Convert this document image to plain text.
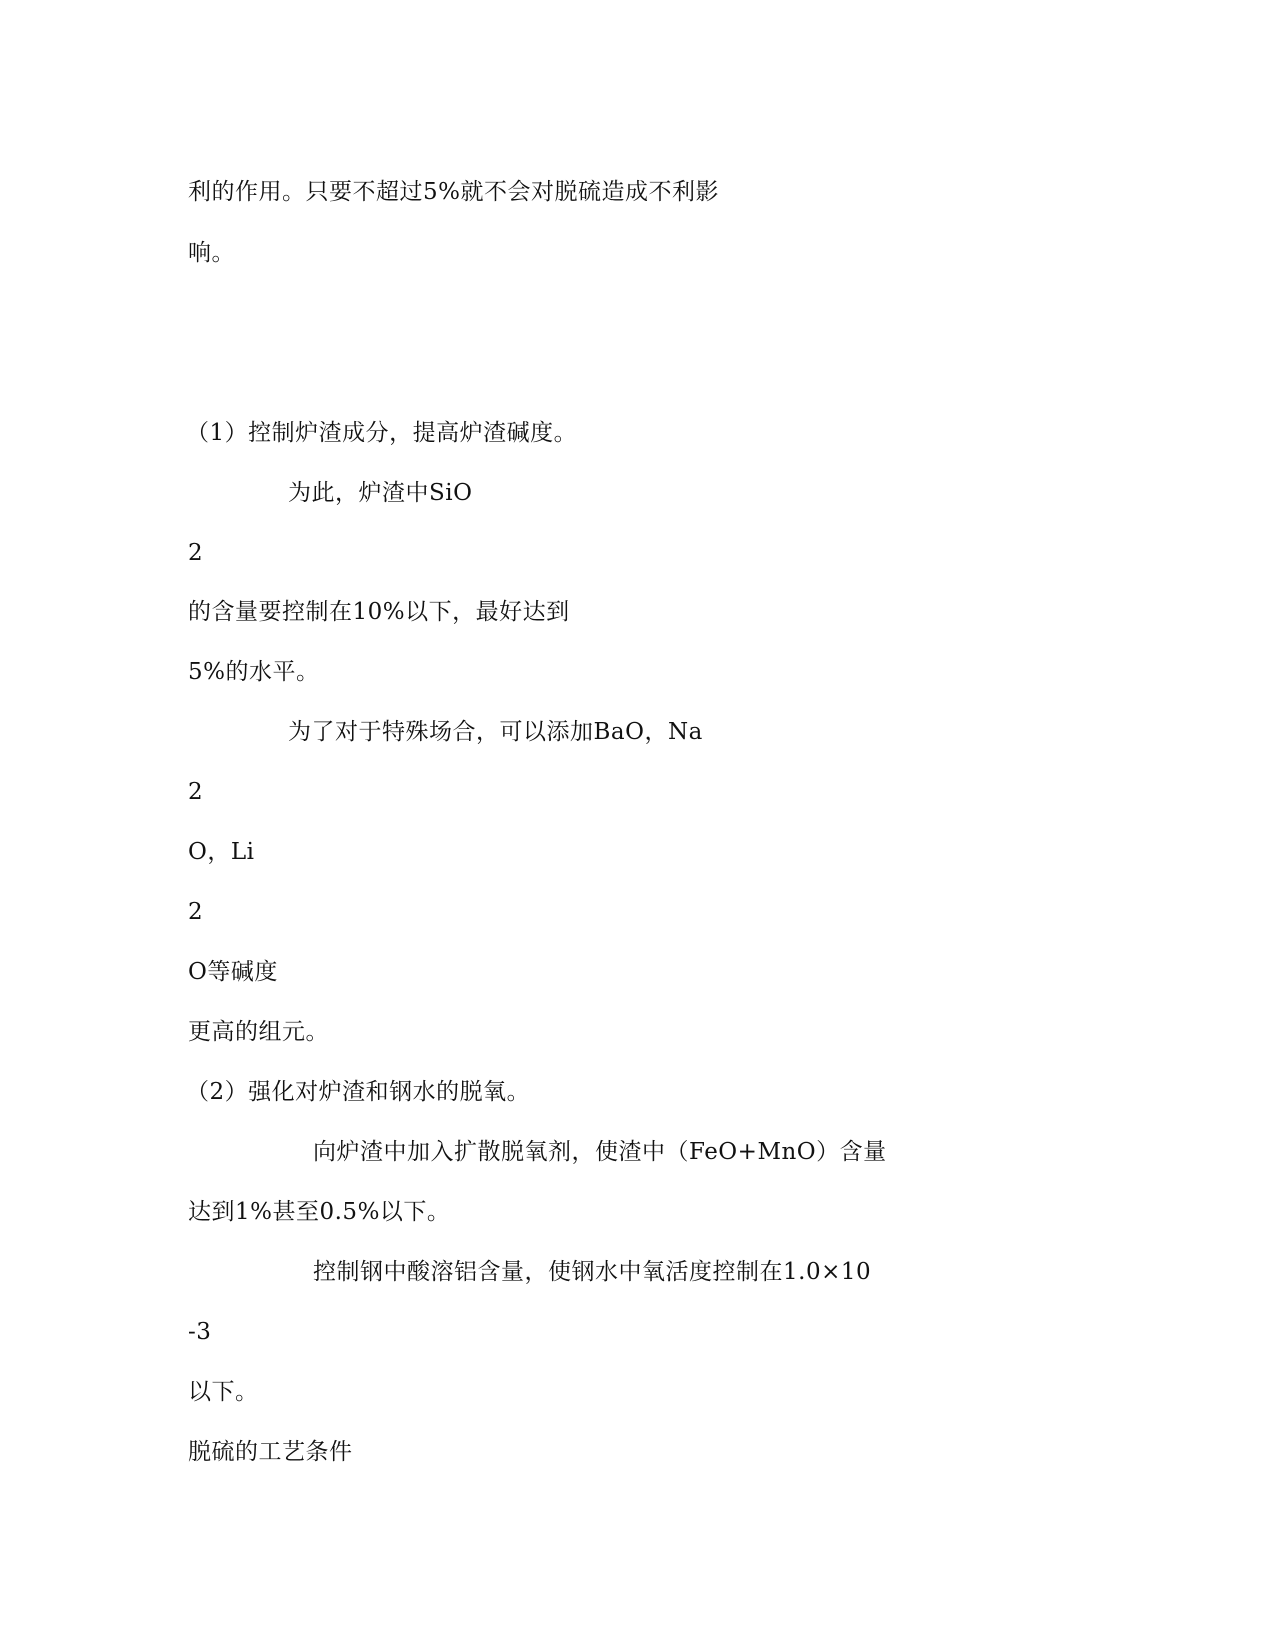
利的作用。只要不超过5%就不会对脱硫造成不利影
响。
（1）控制炉渣成分，提高炉渣碱度。
为此，炉渣中SiO
2
的含量要控制在10%以下，最好达到
5%的水平。
为了对于特殊场合，可以添加BaO，Na
2
O，Li
2
O等碱度
更高的组元。
（2）强化对炉渣和钢水的脱氧。
向炉渣中加入扩散脱氧剂，使渣中（FeO+MnO）含量
达到1%甚至0.5%以下。
控制钢中酸溶铝含量，使钢水中氧活度控制在1.0×10
-3
以下。
脱硫的工艺条件
